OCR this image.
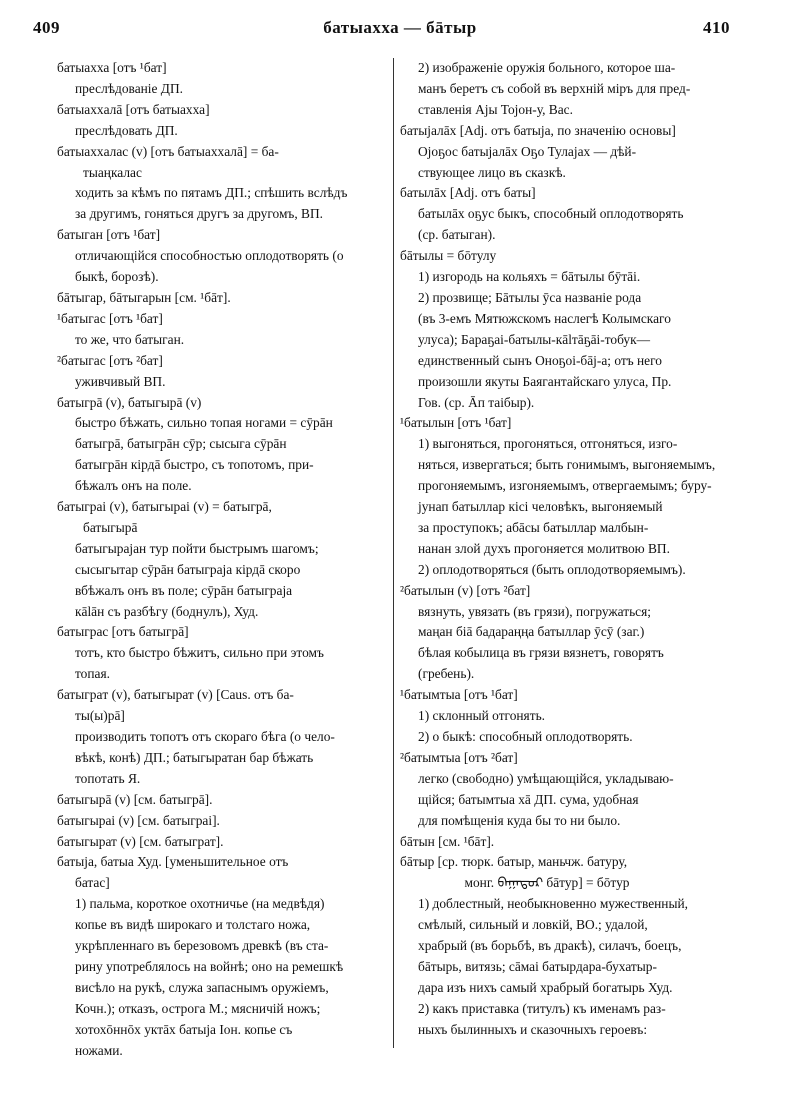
409	батыахха — бāтыр	410
батыахха [отъ ¹бат]
преслѣдованіе ДП.
батыахxалā [отъ батыахха]
преслѣдовать ДП.
батыахxалас (v) [отъ батыахxалā] = ба-
тыаңкалас
ходить за кѣмъ по пятамъ ДП.; спѣшить вслѣдъ
за другимъ, гоняться другъ за другомъ, ВП.
батыган [отъ ¹бат]
отличающійся способностью оплодотворять (о
быкѣ, борозѣ).
бāтыгар, бāтыгарын [см. ¹бāт].
¹батыгас [отъ ¹бат]
то же, что батыган.
²батыгас [отъ ²бат]
уживчивый ВП.
батыгрā (v), батыгырā (v)
быстро бѣжать, сильно топая ногами = сӯрāн
батыгрā, батыгрāн сӯр; сысыга сӯрāн
батыгрāн кірдā быстро, съ топотомъ, при-
бѣжалъ онъ на поле.
батыграі (v), батыгыраі (v) = батыгрā,
батыгырā
батыгырајан тур пойти быстрымъ шагомъ;
сысыгытар сӯрāн батыграја кірдā скоро
вбѣжалъ онъ въ поле; сӯрāн батыграја
кālāн съ разбѣгу (боднулъ), Худ.
батыграс [отъ батыгрā]
тотъ, кто быстро бѣжитъ, сильно при этомъ
топая.
батыгрaт (v), батыгырат (v) [Caus. отъ ба-
ты(ы)рā]
производить топотъ отъ скораго бѣга (о чело-
вѣкѣ, конѣ) ДП.; батыгыратан бар бѣжать
топотать Я.
батыгырā (v) [см. батыгрā].
батыгыраі (v) [см. батыграі].
батыгырат (v) [см. батыграт].
батыја, батыа Худ. [уменьшительное отъ
батас]
1) пальма, короткое охотничье (на медвѣдя)
копье въ видѣ широкаго и толстаго ножа,
укрѣпленнаго въ березовомъ древкѣ (въ ста-
рину употреблялось на войнѣ; оно на ремешкѣ
висѣло на рукѣ, служа запаснымъ оружіемъ,
Кочн.); отказъ, острога М.; мясничій ножъ;
хотохōннōх уктāх батыја Іон. копье съ
ножами.
2) изображеніе оружія больного, которое ша-
манъ беретъ съ собой въ верхній міръ для пред-
ставленія Ајы Тојон-у, Вас.
батыјалāх [Adj. отъ батыја, по значенію основы]
Ојоҕос батыјалāх Оҕо Тулајах — дѣй-
ствующее лицо въ сказкѣ.
батылāх [Adj. отъ баты]
батылāх оҕус быкъ, способный оплодотворять
(ср. батыган).
бāтылы = бōтулу
1) изгородь на кольяхъ = бāтылы бӯтāі.
2) прозвище; Бāтылы ӯса названіе рода
(въ 3-емъ Мятюжскомъ наслегѣ Колымскаго
улуса); Бараҕаі-батылы-кālтāҕāі-тобук—
единственный сынъ Оноҕоі-бāј-а; отъ него
произошли якуты Баягантайскаго улуса, Пр.
Гов. (ср. Āп таібыр).
¹батылын [отъ ¹бат]
1) выгоняться, прогоняться, отгоняться, изго-
няться, извергаться; быть гонимымъ, выгоняемымъ,
прогоняемымъ, изгоняемымъ, отвергаемымъ; буру-
јунап батыллар кісі человѣкъ, выгоняемый
за проступокъ; абāсы батыллар малбын-
нанан злой духъ прогоняется молитвою ВП.
2) оплодотворяться (быть оплодотворяемымъ).
²батылын (v) [отъ ²бат]
вязнуть, увязать (въ грязи), погружаться;
маңан біā бадараңңа батыллар ӯсӯ (заг.)
бѣлая кобылица въ грязи вязнетъ, говорятъ
(гребень).
¹батымтыа [отъ ¹бат]
1) склонный отгонять.
2) о быкѣ: способный оплодотворять.
²батымтыа [отъ ²бат]
легко (свободно) умѣщающійся, укладываю-
щійся; батымтыа хā ДП. сума, удобная
для помѣщенія куда бы то ни было.
бāтын [см. ¹бāт].
бāтыр [ср. тюрк. батыр, маньчж. батуру,
монг. ᠪᠠᠭᠠᠲᠤᠷ бāтур] = бōтур
1) доблестный, необыкновенно мужественный,
смѣлый, сильный и ловкій, ВО.; удалой,
храбрый (въ борьбѣ, въ дракѣ), силачъ, боецъ,
бāтырь, витязь; сāмаі батырдара-бухатыр-
дара изъ нихъ самый храбрый богатырь Худ.
2) какъ приставка (титулъ) къ именамъ раз-
ныхъ былинныхъ и сказочныхъ героевъ:
